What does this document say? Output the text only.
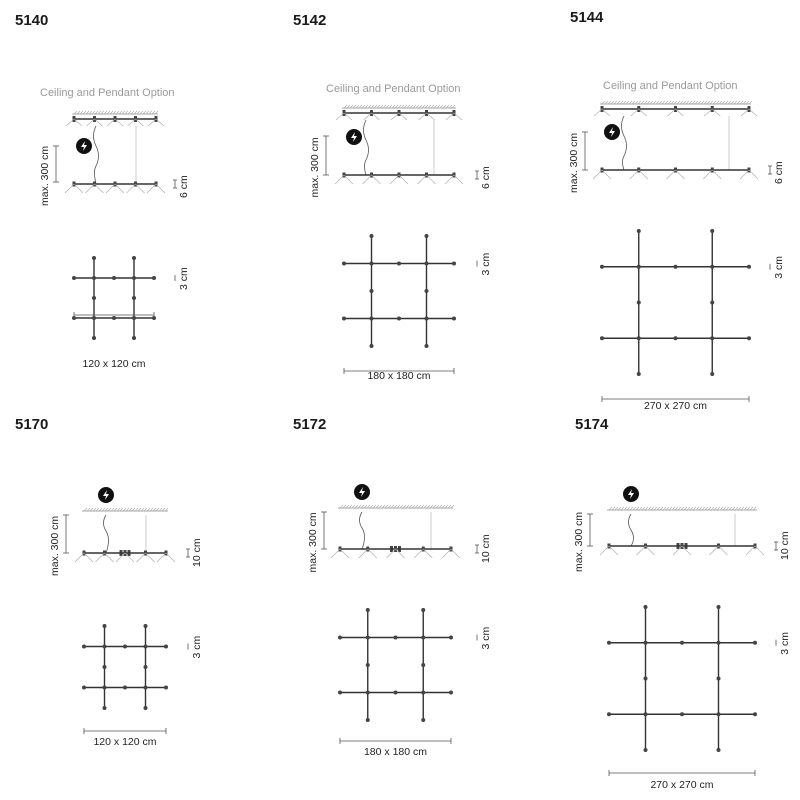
5140
Ceiling and Pendant Option
max. 300 cm	6 cm
3 cm
120 x 120 cm
5142
Ceiling and Pendant Option
max. 300 cm	6 cm
3 cm
180 x 180 cm
5144
Ceiling and Pendant Option
max. 300 cm	6 cm
3 cm
270 x 270 cm
5170
max. 300 cm	10 cm
3 cm
120 x 120 cm
5172
max. 300 cm	10 cm
3 cm
180 x 180 cm
5174
max. 300 cm	10 cm
3 cm
270 x 270 cm
